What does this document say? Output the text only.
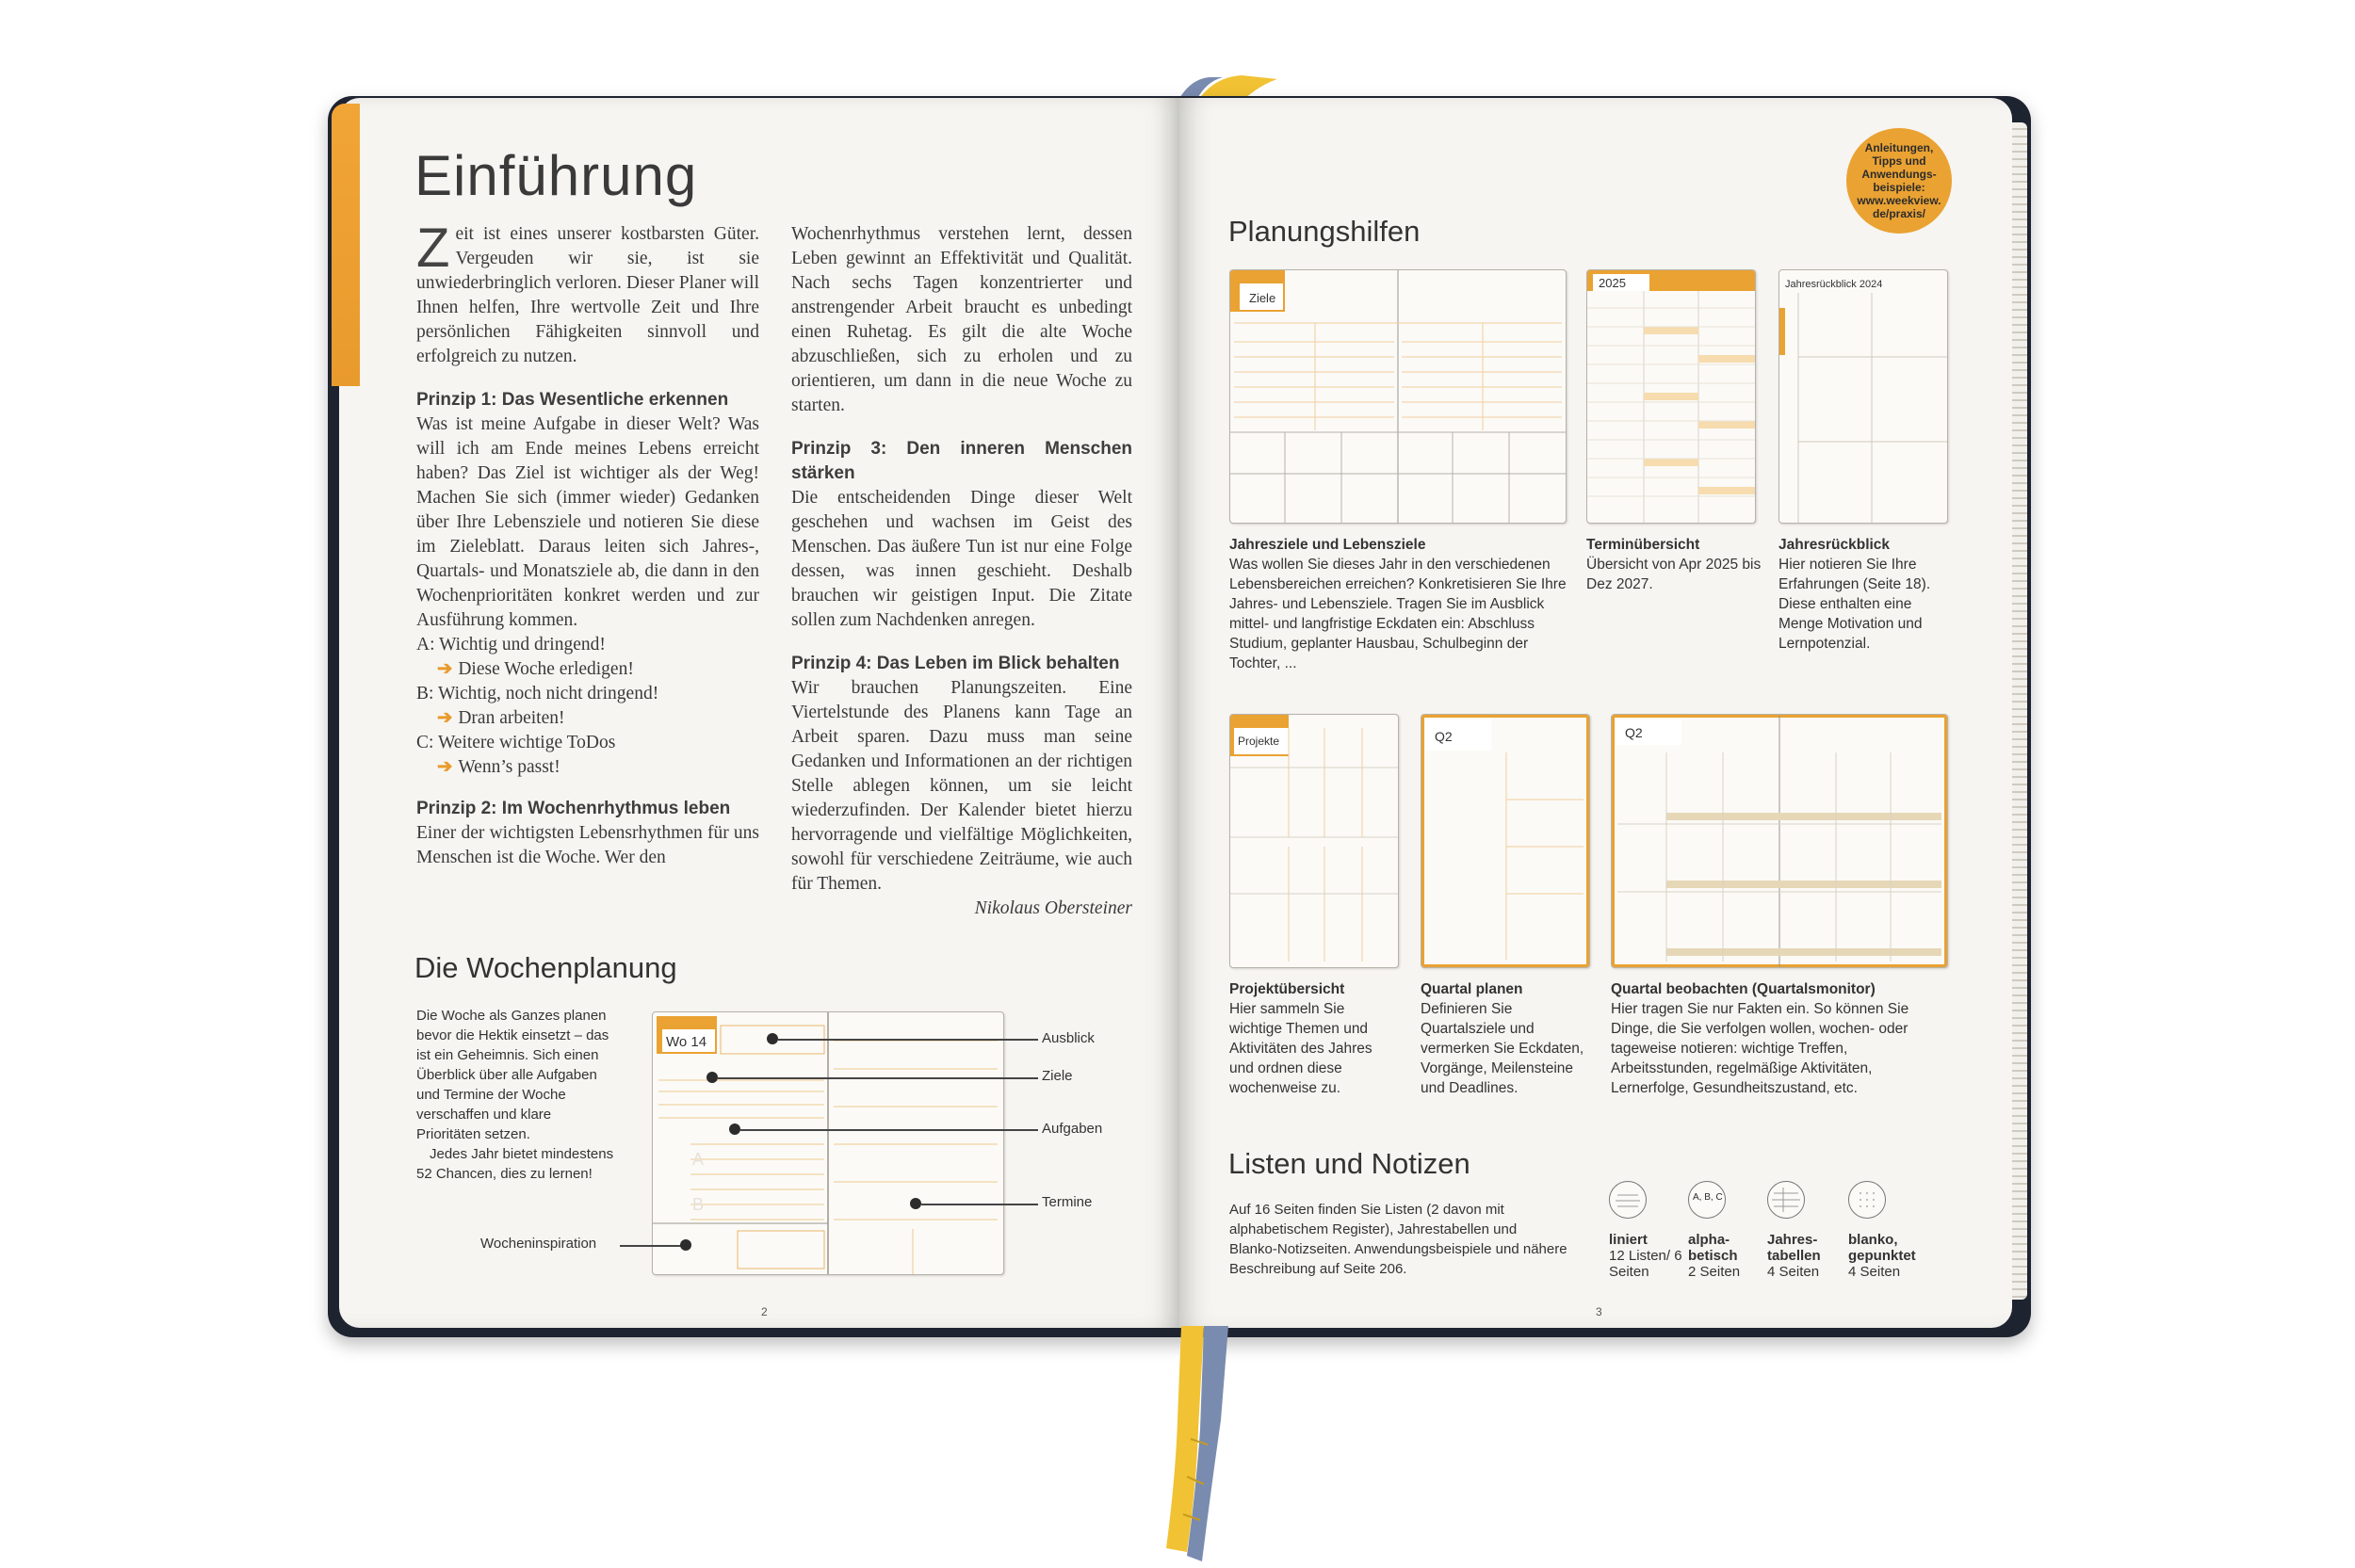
Einführung

Zeit ist eines unserer kostbarsten Güter. Vergeuden wir sie, ist sie unwiederbringlich verloren. Dieser Planer will Ihnen helfen, Ihre wertvolle Zeit und Ihre persönlichen Fähigkeiten sinnvoll und erfolgreich zu nutzen.

Prinzip 1: Das Wesentliche erkennen

Was ist meine Aufgabe in dieser Welt? Was will ich am Ende meines Lebens erreicht haben? Das Ziel ist wichtiger als der Weg! Machen Sie sich (immer wieder) Gedanken über Ihre Lebensziele und notieren Sie diese im Zieleblatt. Daraus leiten sich Jahres-, Quartals- und Monatsziele ab, die dann in den Wochenprioritäten konkret werden und zur Ausführung kommen.

A: Wichtig und dringend!

➔ Diese Woche erledigen!

B: Wichtig, noch nicht dringend!

➔ Dran arbeiten!

C: Weitere wichtige ToDos

➔ Wenn’s passt!

Prinzip 2: Im Wochenrhythmus leben

Einer der wichtigsten Lebensrhythmen für uns Menschen ist die Woche. Wer den

Wochenrhythmus verstehen lernt, dessen Leben gewinnt an Effektivität und Qualität. Nach sechs Tagen konzentrierter und anstrengender Arbeit braucht es unbedingt einen Ruhetag. Es gilt die alte Woche abzuschließen, sich zu erholen und zu orientieren, um dann in die neue Woche zu starten.

Prinzip 3: Den inneren Menschen stärken

Die entscheidenden Dinge dieser Welt geschehen und wachsen im Geist des Menschen. Das äußere Tun ist nur eine Folge dessen, was innen geschieht. Deshalb brauchen wir geistigen Input. Die Zitate sollen zum Nachdenken anregen.

Prinzip 4: Das Leben im Blick behalten

Wir brauchen Planungszeiten. Eine Viertelstunde des Planens kann Tage an Arbeit sparen. Dazu muss man seine Gedanken und Informationen an der richtigen Stelle ablegen können, um sie leicht wiederzufinden. Der Kalender bietet hierzu hervorragende und vielfältige Möglichkeiten, sowohl für verschiedene Zeiträume, wie auch für Themen.

Nikolaus Obersteiner

Die Wochenplanung
Die Woche als Ganzes planen bevor die Hektik einsetzt – das ist ein Geheimnis. Sich einen Überblick über alle Aufgaben und Termine der Woche verschaffen und klare Prioritäten setzen.
Jedes Jahr bietet mindestens 52 Chancen, dies zu lernen!
Wo 14
A
B
Ausblick
Ziele
Aufgaben
Termine
Wocheninspiration
2
Anleitungen, Tipps und Anwendungs-beispiele: www.weekview. de/praxis/
Planungshilfen
Ziele
2025	Jahresrückblick 2024
Jahresziele und Lebensziele
Was wollen Sie dieses Jahr in den verschiedenen Lebensbereichen erreichen? Konkretisieren Sie Ihre Jahres- und Lebensziele. Tragen Sie im Ausblick mittel- und langfristige Eckdaten ein: Abschluss Studium, geplanter Hausbau, Schulbeginn der Tochter, ...
Terminübersicht
Übersicht von Apr 2025 bis Dez 2027.
Jahresrückblick
Hier notieren Sie Ihre Erfahrungen (Seite 18). Diese enthalten eine Menge Motivation und Lernpotenzial.
Projekte	Q2	Q2
Projektübersicht
Hier sammeln Sie wichtige Themen und Aktivitäten des Jahres und ordnen diese wochenweise zu.
Quartal planen
Definieren Sie Quartalsziele und vermerken Sie Eckdaten, Vorgänge, Meilensteine und Deadlines.
Quartal beobachten (Quartalsmonitor)
Hier tragen Sie nur Fakten ein. So können Sie Dinge, die Sie verfolgen wollen, wochen- oder tageweise notieren: wichtige Treffen, Arbeitsstunden, regelmäßige Aktivitäten, Lernerfolge, Gesundheitszustand, etc.
Listen und Notizen
Auf 16 Seiten finden Sie Listen (2 davon mit alphabetischem Register), Jahrestabellen und Blanko-Notizseiten. Anwendungsbeispiele und nähere Beschreibung auf Seite 206.
A, B, C
liniert
12 Listen/ 6 Seiten
alpha-betisch
2 Seiten
Jahres-tabellen
4 Seiten
blanko, gepunktet
4 Seiten
3
